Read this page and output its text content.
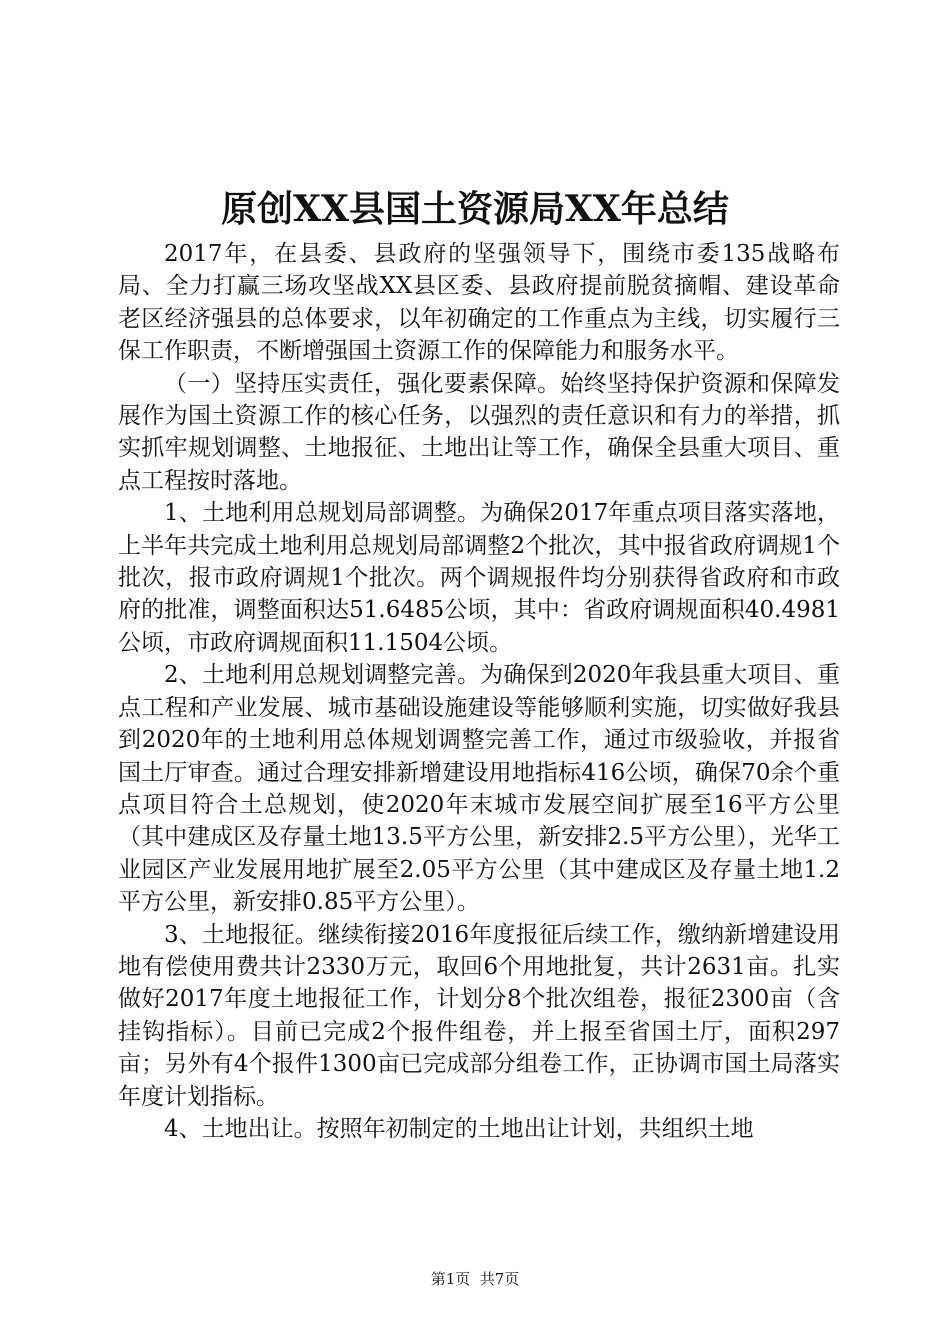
原创XX县国土资源局XX年总结

2017年，在县委、县政府的坚强领导下，围绕市委135战略布局、全力打赢三场攻坚战XX县区委、县政府提前脱贫摘帽、建设革命老区经济强县的总体要求，以年初确定的工作重点为主线，切实履行三保工作职责，不断增强国土资源工作的保障能力和服务水平。

（一）坚持压实责任，强化要素保障。始终坚持保护资源和保障发展作为国土资源工作的核心任务，以强烈的责任意识和有力的举措，抓实抓牢规划调整、土地报征、土地出让等工作，确保全县重大项目、重点工程按时落地。

1、土地利用总规划局部调整。为确保2017年重点项目落实落地，上半年共完成土地利用总规划局部调整2个批次，其中报省政府调规1个批次，报市政府调规1个批次。两个调规报件均分别获得省政府和市政府的批准，调整面积达51.6485公顷，其中：省政府调规面积40.4981公顷，市政府调规面积11.1504公顷。

2、土地利用总规划调整完善。为确保到2020年我县重大项目、重点工程和产业发展、城市基础设施建设等能够顺利实施，切实做好我县到2020年的土地利用总体规划调整完善工作，通过市级验收，并报省国土厅审查。通过合理安排新增建设用地指标416公顷，确保70余个重点项目符合土总规划，使2020年末城市发展空间扩展至16平方公里（其中建成区及存量土地13.5平方公里，新安排2.5平方公里），光华工业园区产业发展用地扩展至2.05平方公里（其中建成区及存量土地1.2平方公里，新安排0.85平方公里）。

3、土地报征。继续衔接2016年度报征后续工作，缴纳新增建设用地有偿使用费共计2330万元，取回6个用地批复，共计2631亩。扎实做好2017年度土地报征工作，计划分8个批次组卷，报征2300亩（含挂钩指标）。目前已完成2个报件组卷，并上报至省国土厅，面积297亩；另外有4个报件1300亩已完成部分组卷工作，正协调市国土局落实年度计划指标。

4、土地出让。按照年初制定的土地出让计划，共组织土地

第1页  共7页
